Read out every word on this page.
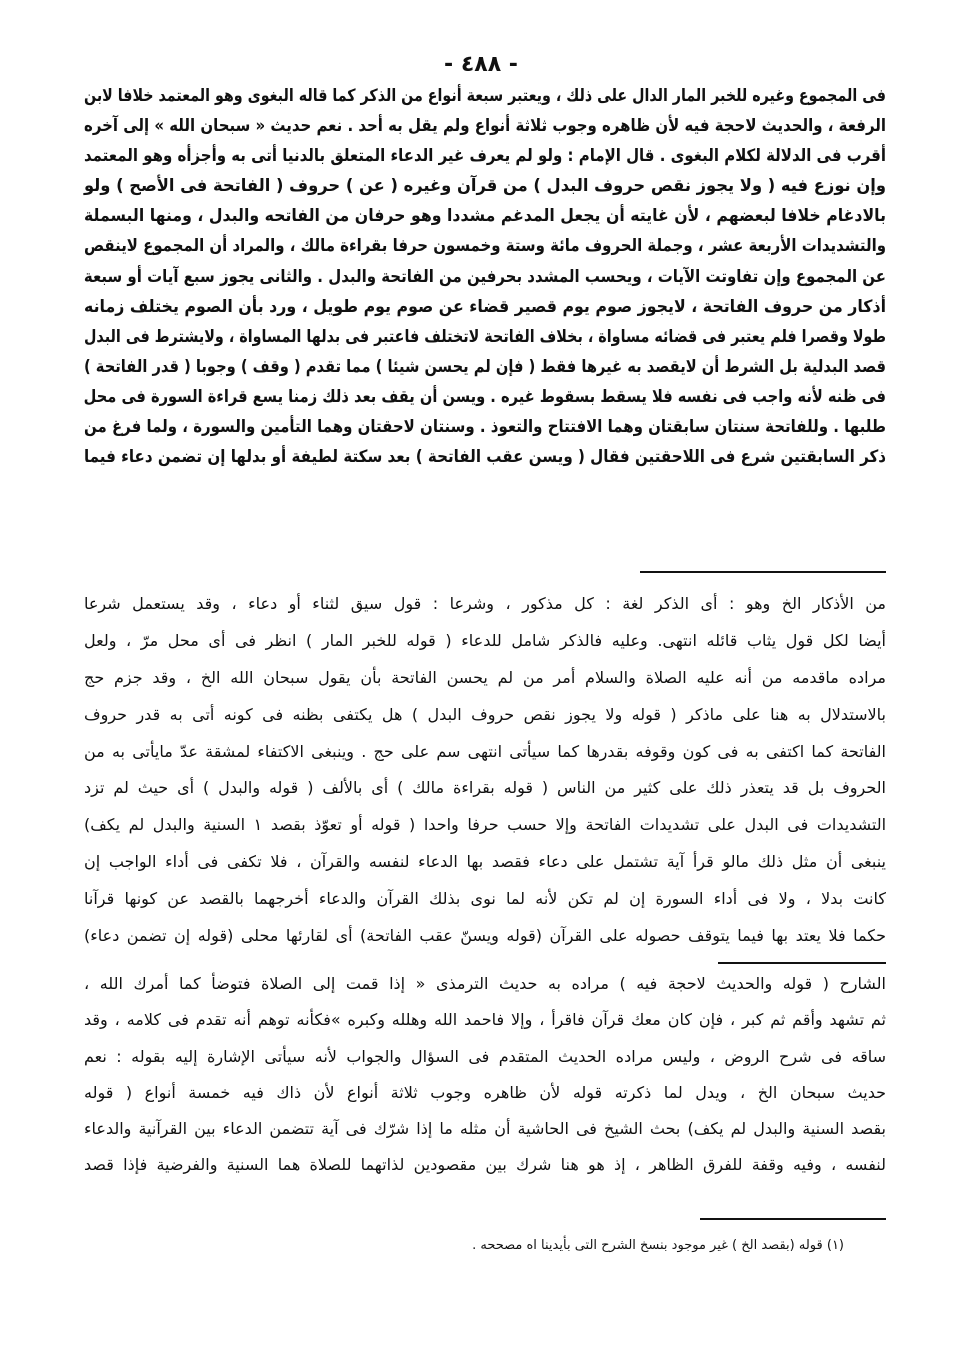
- ٤٨٨ -
فى المجموع وغيره للخبر المار الدال على ذلك ، ويعتبر سبعة أنواع من الذكر كما قاله البغوى وهو المعتمد خلافا لابن
الرفعة ، والحديث لاحجة فيه لأن ظاهره وجوب ثلاثة أنواع ولم يقل به أحد . نعم حديث « سبحان الله » إلى آخره
أقرب فى الدلالة لكلام البغوى . قال الإمام : ولو لم يعرف غير الدعاء المتعلق بالدنيا أتى به وأجزأه وهو المعتمد
وإن نوزع فيه ( ولا يجوز نقص حروف البدل ) من قرآن وغيره ( عن ) حروف ( الفاتحة فى الأصح ) ولو
بالادغام خلافا لبعضهم ، لأن غايته أن يجعل المدغم مشددا وهو حرفان من الفاتحه والبدل ، ومنها البسملة
والتشديدات الأربعة عشر ، وجملة الحروف مائة وستة وخمسون حرفا بقراءة مالك ، والمراد أن المجموع لاينقص
عن المجموع وإن تفاوتت الآيات ، ويحسب المشدد بحرفين من الفاتحة والبدل . والثانى يجوز سبع آيات أو سبعة
أذكار من حروف الفاتحة ، لايجوز صوم يوم قصير قضاء عن صوم يوم طويل ، ورد بأن الصوم يختلف زمانه
طولا وقصرا فلم يعتبر فى قضائه مساواة ، بخلاف الفاتحة لاتختلف فاعتبر فى بدلها المساواة ، ولايشترط فى البدل
قصد البدلية بل الشرط أن لايقصد به غيرها فقط ( فإن لم يحسن شيئا ) مما تقدم ( وقف ) وجوبا ( قدر الفاتحة )
فى ظنه لأنه واجب فى نفسه فلا يسقط بسقوط غيره . ويسن أن يقف بعد ذلك زمنا يسع قراءة السورة فى محل
طلبها . وللفاتحة سنتان سابقتان وهما الافتتاح والتعوذ . وسنتان لاحقتان وهما التأمين والسورة ، ولما فرغ من
ذكر السابقتين شرع فى اللاحقتين فقال ( ويسن عقب الفاتحة ) بعد سكتة لطيفة أو بدلها إن تضمن دعاء فيما
من الأذكار الخ وهو : أى الذكر لغة : كل مذكور ، وشرعا : قول سيق لثناء أو دعاء ، وقد يستعمل شرعا
أيضا لكل قول يثاب قائله انتهى. وعليه فالذكر شامل للدعاء ( قوله للخبر المار ) انظر فى أى محل مرّ ، ولعل
مراده ماقدمه من أنه عليه الصلاة والسلام أمر من لم يحسن الفاتحة بأن يقول سبحان الله الخ ، وقد جزم حج
بالاستدلال به هنا على ماذكر ( قوله ولا يجوز نقص حروف البدل ) هل يكتفى بظنه فى كونه أتى به قدر حروف
الفاتحة كما اكتفى به فى كون وقوفه بقدرها كما سيأتى انتهى سم على حج . وينبغى الاكتفاء لمشقة عدّ مايأتى به من
الحروف بل قد يتعذر ذلك على كثير من الناس ( قوله بقراءة مالك ) أى بالألف ( قوله والبدل ) أى حيث لم تزد
التشديدات فى البدل على تشديدات الفاتحة وإلا حسب حرفا واحدا ( قوله أو تعوّذ بقصد ١ السنية والبدل لم يكف)
ينبغى أن مثل ذلك مالو قرأ آية تشتمل على دعاء فقصد بها الدعاء لنفسه والقرآن ، فلا تكفى فى أداء الواجب إن
كانت بدلا ، ولا فى أداء السورة إن لم تكن لأنه لما نوى بذلك القرآن والدعاء أخرجهما بالقصد عن كونها قرآنا
حكما فلا يعتد بها فيما يتوقف حصوله على القرآن (قوله ويسنّ عقب الفاتحة) أى لقارئها محلى (قوله إن تضمن دعاء)
الشارح ( قوله والحديث لاحجة فيه ) مراده به حديث الترمذى « إذا قمت إلى الصلاة فتوضأ كما أمرك الله ،
ثم تشهد وأقم ثم كبر ، فإن كان معك قرآن فاقرأ ، وإلا فاحمد الله وهلله وكبره »فكأنه توهم أنه تقدم فى كلامه ، وقد
ساقه فى شرح الروض ، وليس مراده الحديث المتقدم فى السؤال والجواب لأنه سيأتى الإشارة إليه بقوله : نعم
حديث سبحان الخ ، ويدل لما ذكرته قوله لأن ظاهره وجوب ثلاثة أنواع لأن ذاك فيه خمسة أنواع ( قوله
بقصد السنية والبدل لم يكف) بحث الشيخ فى الحاشية أن مثله ما إذا شرّك فى آية تتضمن الدعاء بين القرآنية والدعاء
لنفسه ، وفيه وقفة للفرق الظاهر ، إذ هو هنا شرك بين مقصودين لذاتهما للصلاة هما السنية والفرضية فإذا قصد
(١) قوله (بقصد الخ ) غير موجود بنسخ الشرح التى بأيدينا اه مصححه .
